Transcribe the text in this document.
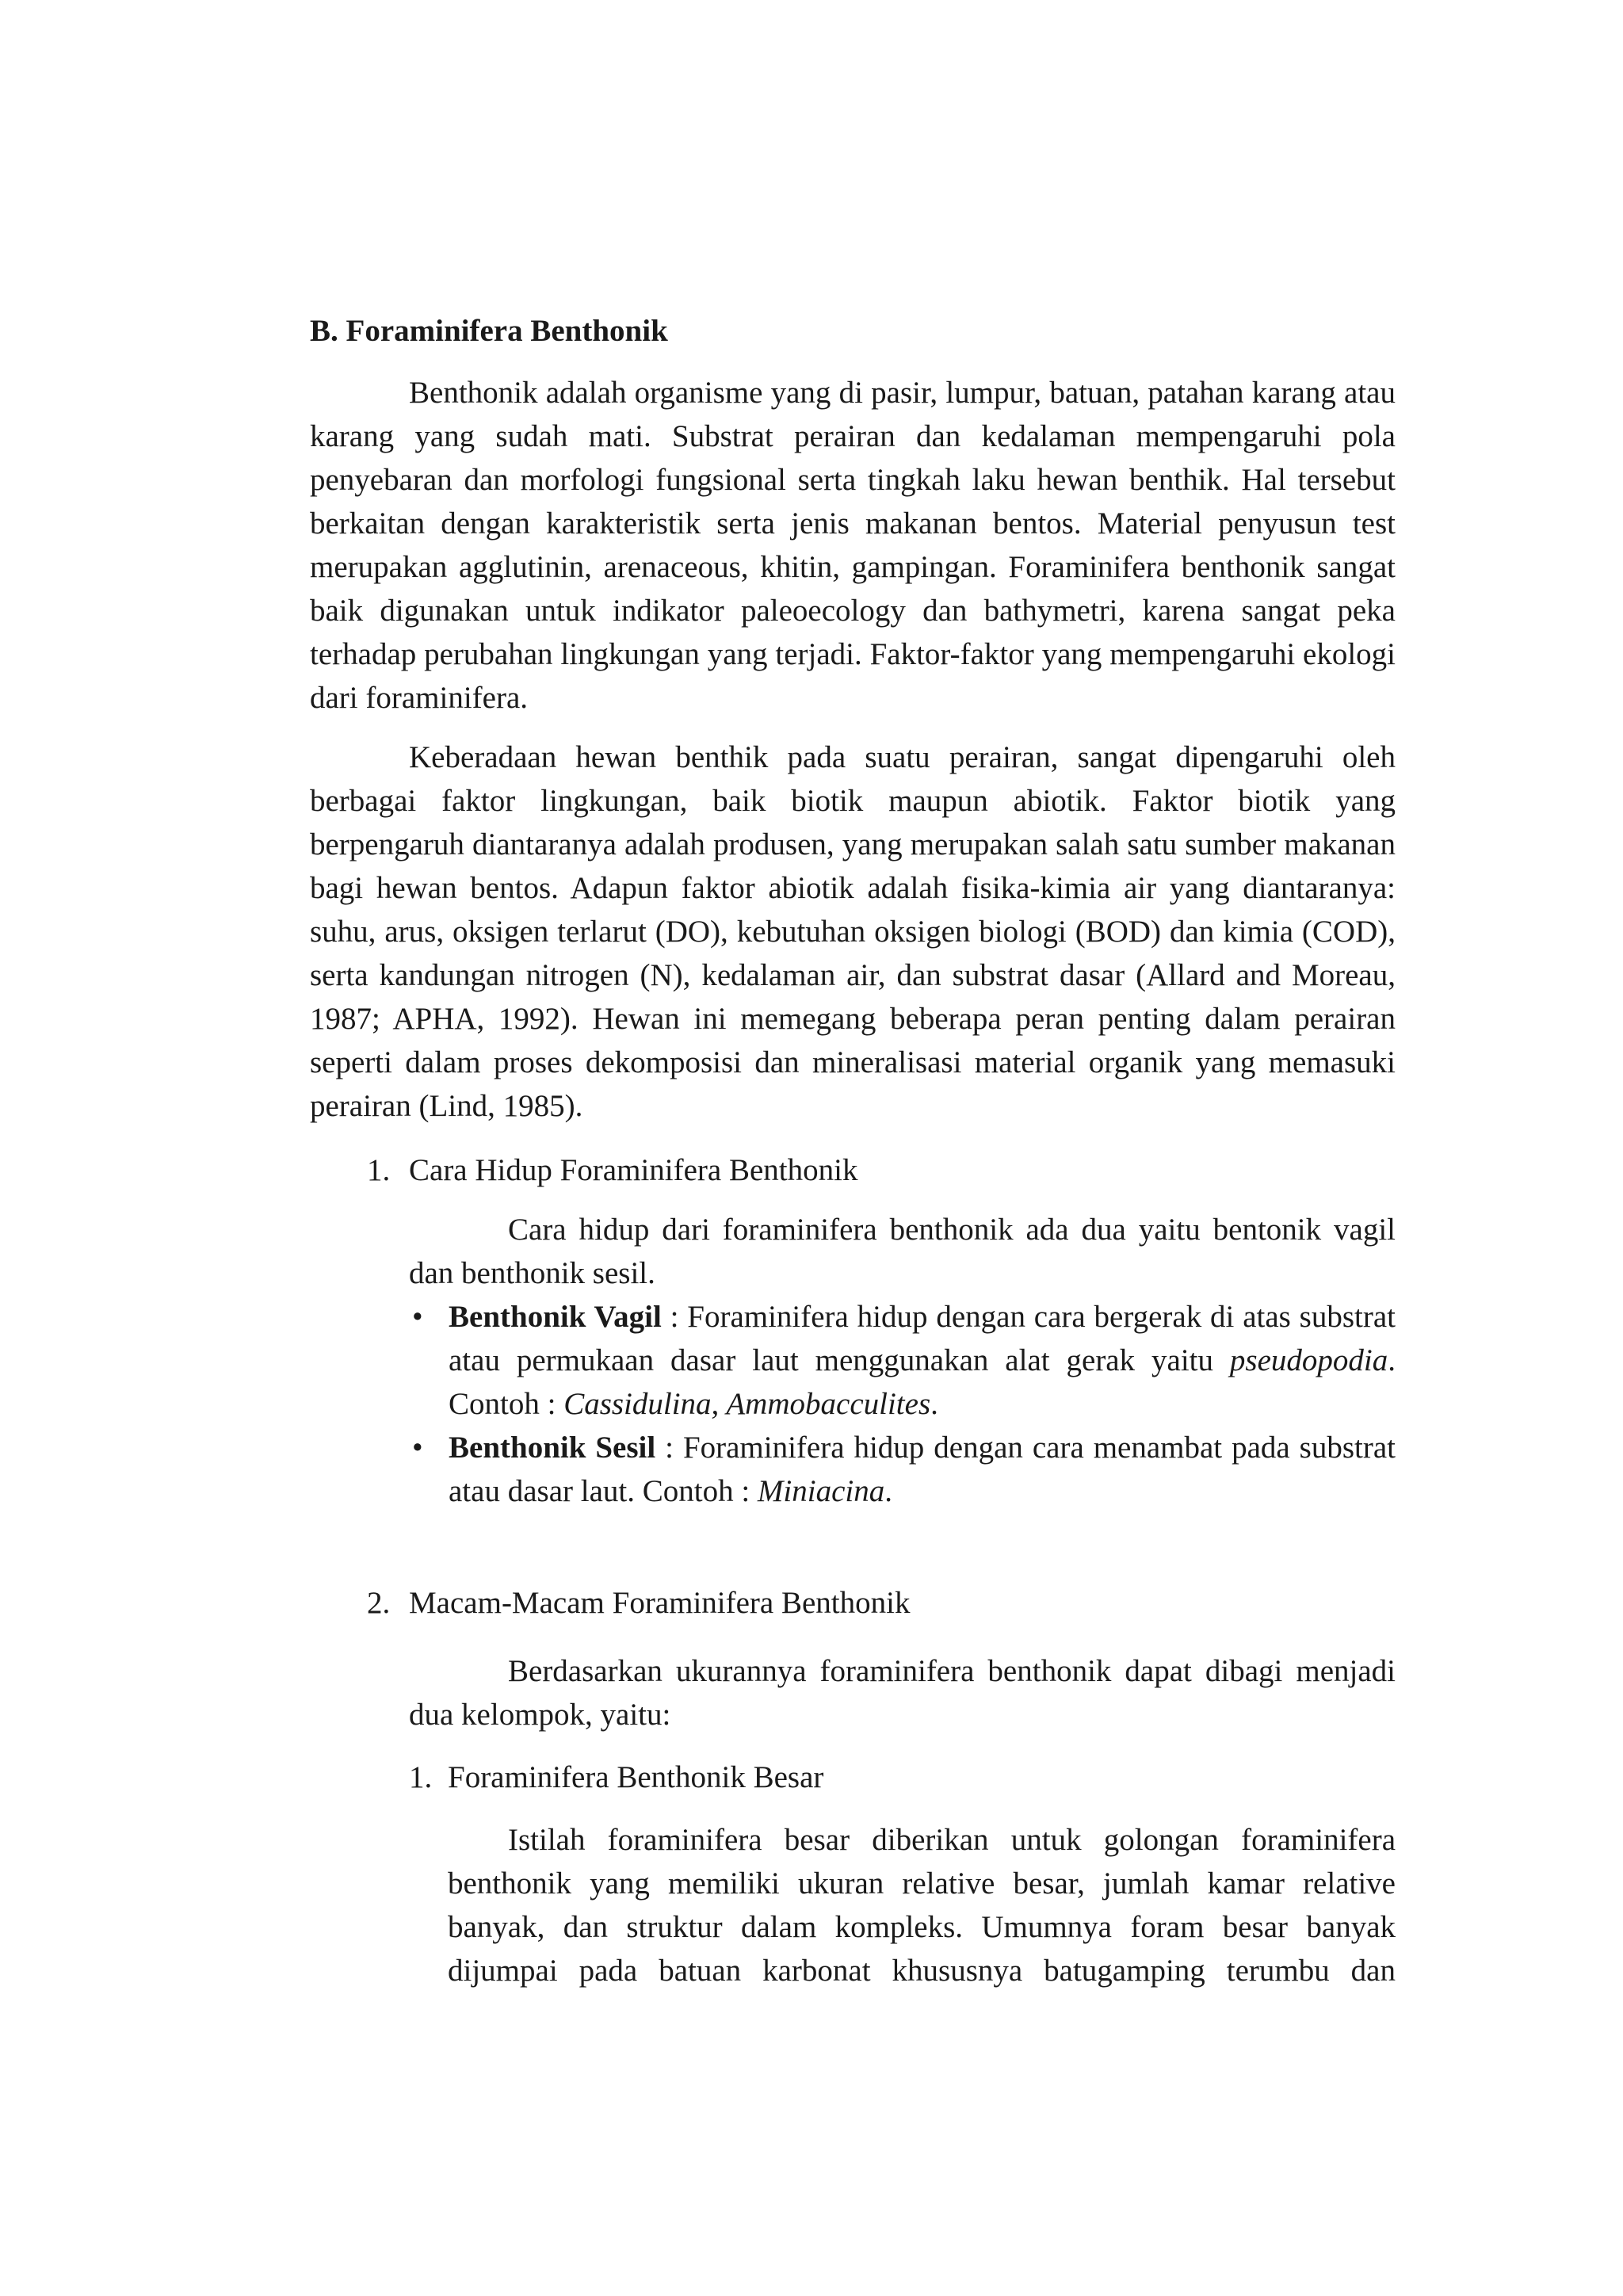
B. Foraminifera Benthonik

Benthonik adalah organisme yang di pasir, lumpur, batuan, patahan karang atau karang yang sudah mati. Substrat perairan dan kedalaman mempengaruhi pola penyebaran dan morfologi fungsional serta tingkah laku hewan benthik. Hal tersebut berkaitan dengan karakteristik serta jenis makanan bentos. Material penyusun test merupakan agglutinin, arenaceous, khitin, gampingan. Foraminifera benthonik sangat baik digunakan untuk indikator paleoecology dan bathymetri, karena sangat peka terhadap perubahan lingkungan yang terjadi. Faktor-faktor yang mempengaruhi ekologi dari foraminifera.

Keberadaan hewan benthik pada suatu perairan, sangat dipengaruhi oleh berbagai faktor lingkungan, baik biotik maupun abiotik. Faktor biotik yang berpengaruh diantaranya adalah produsen, yang merupakan salah satu sumber makanan bagi hewan bentos. Adapun faktor abiotik adalah fisika-kimia air yang diantaranya: suhu, arus, oksigen terlarut (DO), kebutuhan oksigen biologi (BOD) dan kimia (COD), serta kandungan nitrogen (N), kedalaman air, dan substrat dasar (Allard and Moreau, 1987; APHA, 1992). Hewan ini memegang beberapa peran penting dalam perairan seperti dalam proses dekomposisi dan mineralisasi material organik yang memasuki perairan (Lind, 1985).

1. Cara Hidup Foraminifera Benthonik

Cara hidup dari foraminifera benthonik ada dua yaitu bentonik vagil dan benthonik sesil.

• Benthonik Vagil : Foraminifera hidup dengan cara bergerak di atas substrat atau permukaan dasar laut menggunakan alat gerak yaitu pseudopodia. Contoh : Cassidulina, Ammobacculites.

• Benthonik Sesil : Foraminifera hidup dengan cara menambat pada substrat atau dasar laut. Contoh : Miniacina.

2. Macam-Macam Foraminifera Benthonik

Berdasarkan ukurannya foraminifera benthonik dapat dibagi menjadi dua kelompok, yaitu:

1. Foraminifera Benthonik Besar

Istilah foraminifera besar diberikan untuk golongan foraminifera benthonik yang memiliki ukuran relative besar, jumlah kamar relative banyak, dan struktur dalam kompleks. Umumnya foram besar banyak dijumpai pada batuan karbonat khususnya batugamping terumbu dan
